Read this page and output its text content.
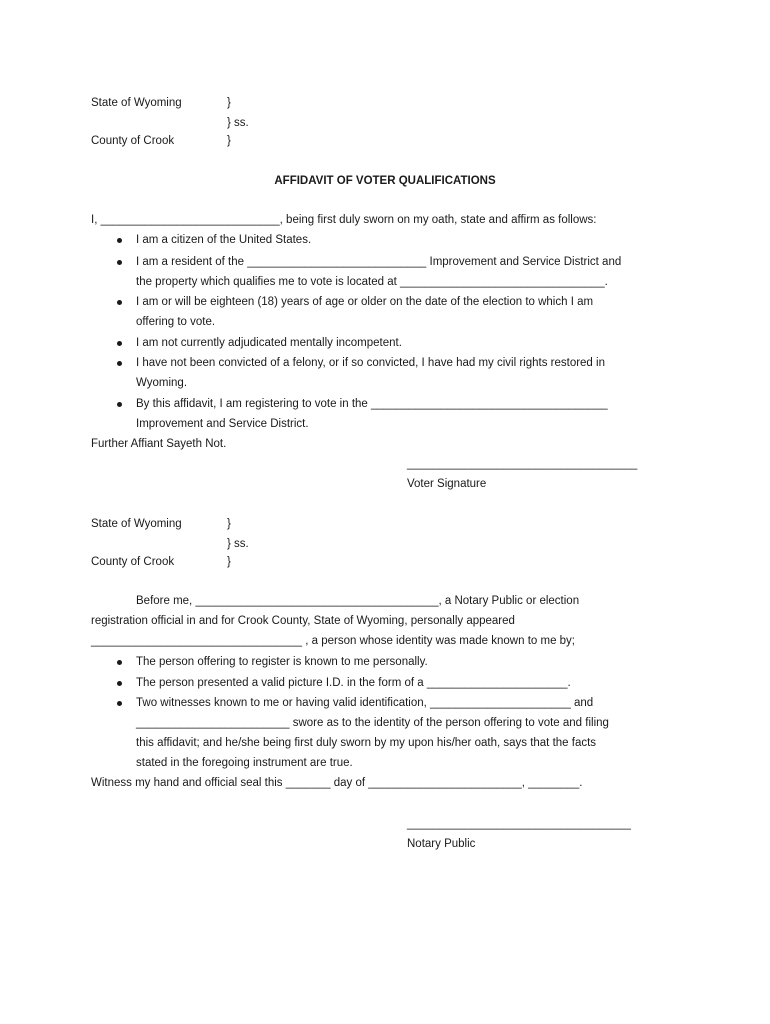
State of Wyoming
County of Crook
}
} ss.
}
AFFIDAVIT OF VOTER QUALIFICATIONS
I, ____________________________, being first duly sworn on my oath, state and affirm as follows:
I am a citizen of the United States.
I am a resident of the ____________________________ Improvement and Service District and
the property which qualifies me to vote is located at ________________________________.
I am or will be eighteen (18) years of age or older on the date of the election to which I am
offering to vote.
I am not currently adjudicated mentally incompetent.
I have not been convicted of a felony, or if so convicted, I have had my civil rights restored in
Wyoming.
By this affidavit, I am registering to vote in the _____________________________________
Improvement and Service District.
Further Affiant Sayeth Not.
____________________________________
Voter Signature
State of Wyoming
County of Crook
}
} ss.
}
Before me, ______________________________________, a Notary Public or election
registration official in and for Crook County, State of Wyoming, personally appeared
_________________________________ , a person whose identity was made known to me by;
The person offering to register is known to me personally.
The person presented a valid picture I.D. in the form of a ______________________.
Two witnesses known to me or having valid identification, ______________________ and
________________________ swore as to the identity of the person offering to vote and filing
this affidavit; and he/she being first duly sworn by my upon his/her oath, says that the facts
stated in the foregoing instrument are true.
Witness my hand and official seal this _______ day of ________________________, ________.
___________________________________
Notary Public
